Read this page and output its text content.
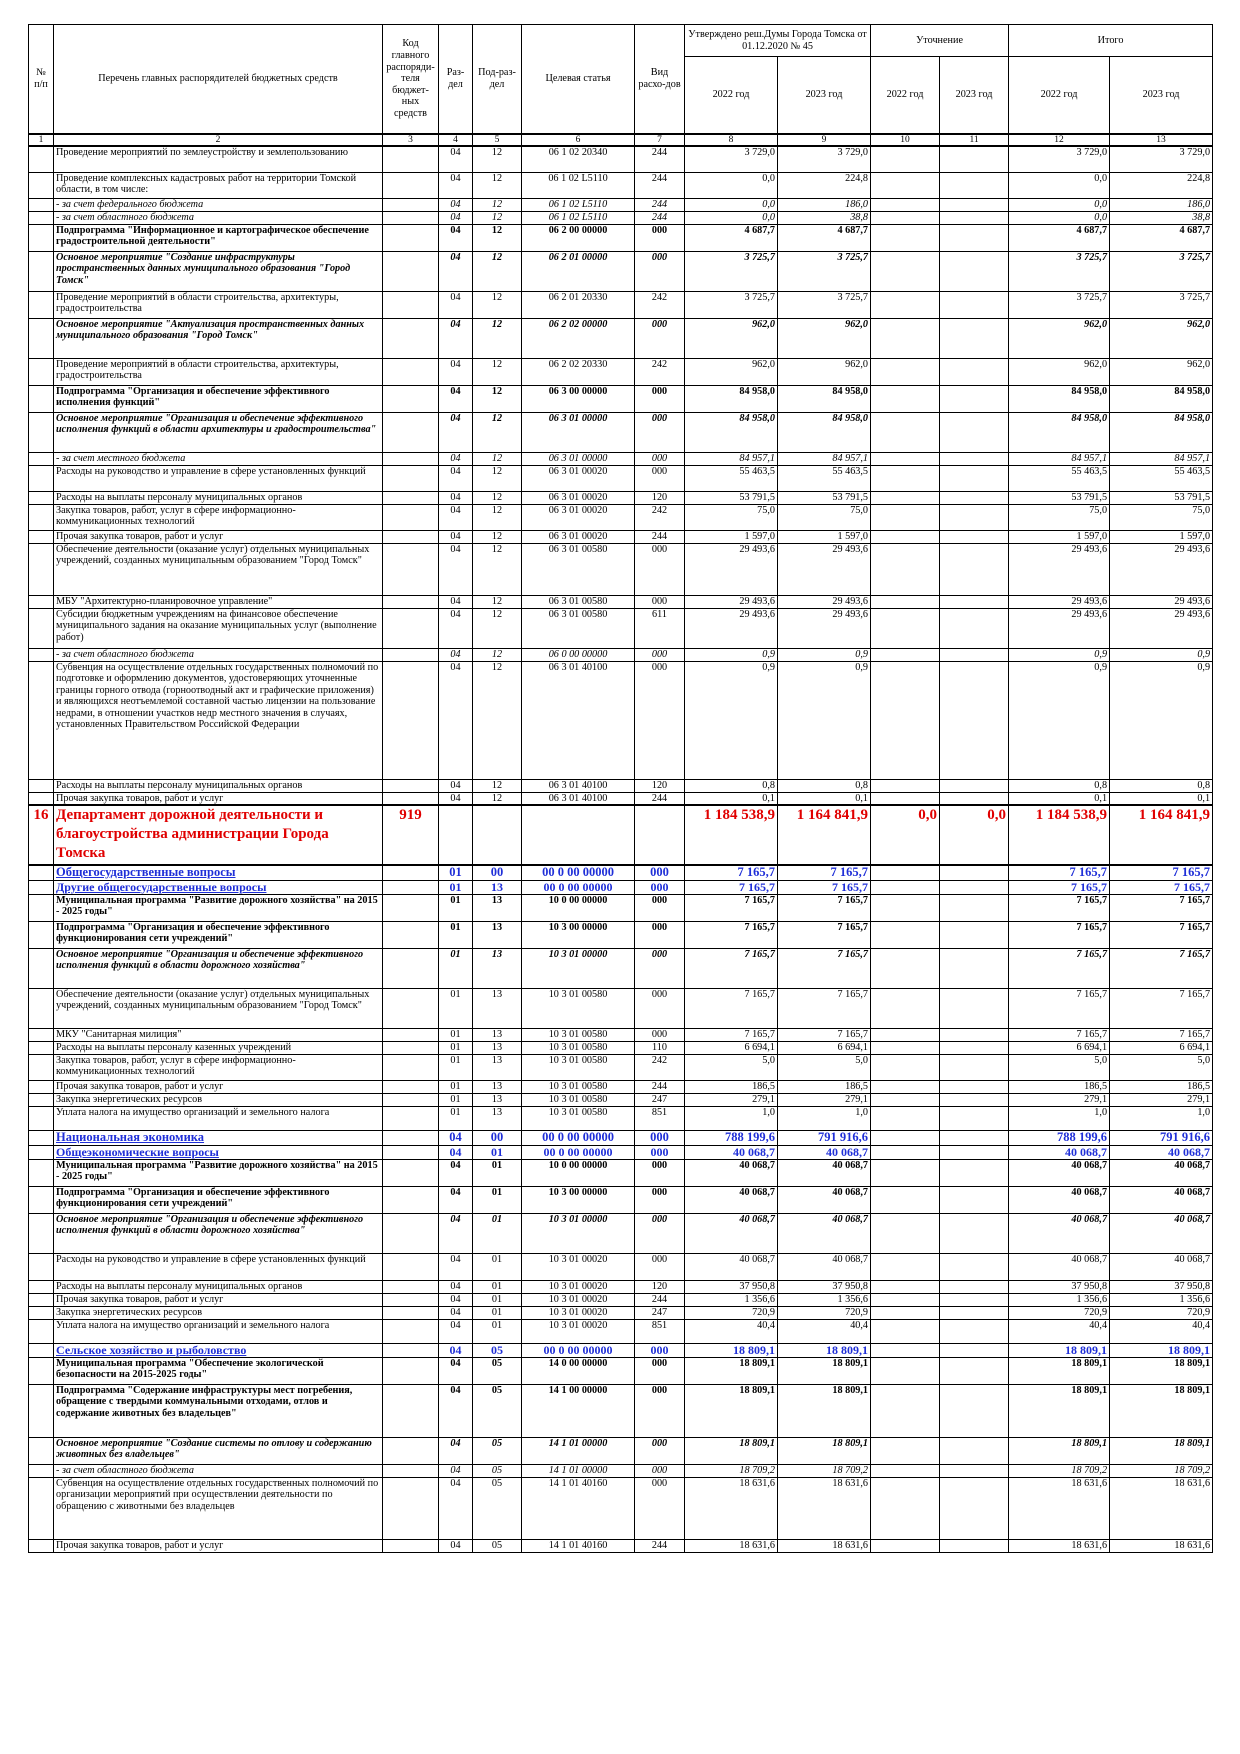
№ п/п	Перечень главных распорядителей бюджетных средств	Код главного распоряди-теля бюджет-ных средств	Раз-дел	Под-раз-дел	Целевая статья	Вид расхо-дов	Утверждено реш.Думы Города Томска от 01.12.2020 № 45		Уточнение		Итого	
							2022 год	2023 год	2022 год	2023 год	2022 год	2023 год
1	2	3	4	5	6	7	8	9	10	11	12	13
	Проведение мероприятий по землеустройству и землепользованию		04	12	06 1 02 20340	244	3 729,0	3 729,0			3 729,0	3 729,0
	Проведение комплексных кадастровых работ на территории Томской области, в том числе:		04	12	06 1 02 L5110	244	0,0	224,8			0,0	224,8
	- за счет федерального бюджета		04	12	06 1 02 L5110	244	0,0	186,0			0,0	186,0
	- за счет областного бюджета		04	12	06 1 02 L5110	244	0,0	38,8			0,0	38,8
	Подпрограмма "Информационное и картографическое обеспечение градостроительной деятельности"		04	12	06 2 00 00000	000	4 687,7	4 687,7			4 687,7	4 687,7
	Основное мероприятие "Создание инфраструктуры пространственных данных муниципального образования "Город Томск"		04	12	06 2 01 00000	000	3 725,7	3 725,7			3 725,7	3 725,7
	Проведение мероприятий в области строительства, архитектуры, градостроительства		04	12	06 2 01 20330	242	3 725,7	3 725,7			3 725,7	3 725,7
	Основное мероприятие "Актуализация пространственных данных муниципального образования "Город Томск"		04	12	06 2 02 00000	000	962,0	962,0			962,0	962,0
	Проведение мероприятий в области строительства, архитектуры, градостроительства		04	12	06 2 02 20330	242	962,0	962,0			962,0	962,0
	Подпрограмма "Организация и обеспечение эффективного исполнения функций"		04	12	06 3 00 00000	000	84 958,0	84 958,0			84 958,0	84 958,0
	Основное мероприятие "Организация и обеспечение эффективного исполнения функций в области архитектуры и градостроительства"		04	12	06 3 01 00000	000	84 958,0	84 958,0			84 958,0	84 958,0
	- за счет местного бюджета		04	12	06 3 01 00000	000	84 957,1	84 957,1			84 957,1	84 957,1
	Расходы на руководство и управление в сфере установленных функций		04	12	06 3 01 00020	000	55 463,5	55 463,5			55 463,5	55 463,5
	Расходы на выплаты персоналу муниципальных органов		04	12	06 3 01 00020	120	53 791,5	53 791,5			53 791,5	53 791,5
	Закупка товаров, работ, услуг в сфере информационно-коммуникационных технологий		04	12	06 3 01 00020	242	75,0	75,0			75,0	75,0
	Прочая закупка товаров, работ и услуг		04	12	06 3 01 00020	244	1 597,0	1 597,0			1 597,0	1 597,0
	Обеспечение деятельности (оказание услуг) отдельных муниципальных учреждений, созданных муниципальным образованием "Город Томск"		04	12	06 3 01 00580	000	29 493,6	29 493,6			29 493,6	29 493,6
	МБУ "Архитектурно-планировочное управление"		04	12	06 3 01 00580	000	29 493,6	29 493,6			29 493,6	29 493,6
	Субсидии бюджетным учреждениям на финансовое обеспечение муниципального задания на оказание муниципальных услуг (выполнение работ)		04	12	06 3 01 00580	611	29 493,6	29 493,6			29 493,6	29 493,6
	- за счет областного бюджета		04	12	06 0 00 00000	000	0,9	0,9			0,9	0,9
	Субвенция на осуществление отдельных государственных полномочий по подготовке и оформлению документов, удостоверяющих уточненные границы горного отвода (горноотводный акт и графические приложения) и являющихся неотъемлемой составной частью лицензии на пользование недрами, в отношении участков недр местного значения в случаях, установленных Правительством Российской Федерации		04	12	06 3 01 40100	000	0,9	0,9			0,9	0,9
	Расходы на выплаты персоналу муниципальных органов		04	12	06 3 01 40100	120	0,8	0,8			0,8	0,8
	Прочая закупка товаров, работ и услуг		04	12	06 3 01 40100	244	0,1	0,1			0,1	0,1
16	Департамент дорожной деятельности и благоустройства администрации Города Томска	919					1 184 538,9	1 164 841,9	0,0	0,0	1 184 538,9	1 164 841,9
	Общегосударственные вопросы		01	00	00 0 00 00000	000	7 165,7	7 165,7			7 165,7	7 165,7
	Другие общегосударственные вопросы		01	13	00 0 00 00000	000	7 165,7	7 165,7			7 165,7	7 165,7
	Муниципальная программа "Развитие дорожного хозяйства" на 2015 - 2025 годы"		01	13	10 0 00 00000	000	7 165,7	7 165,7			7 165,7	7 165,7
	Подпрограмма "Организация и обеспечение эффективного функционирования сети учреждений"		01	13	10 3 00 00000	000	7 165,7	7 165,7			7 165,7	7 165,7
	Основное мероприятие "Организация и обеспечение эффективного исполнения функций в области дорожного хозяйства"		01	13	10 3 01 00000	000	7 165,7	7 165,7			7 165,7	7 165,7
	Обеспечение деятельности (оказание услуг) отдельных муниципальных учреждений, созданных муниципальным образованием "Город Томск"		01	13	10 3 01 00580	000	7 165,7	7 165,7			7 165,7	7 165,7
	МКУ "Санитарная милиция"		01	13	10 3 01 00580	000	7 165,7	7 165,7			7 165,7	7 165,7
	Расходы на выплаты персоналу казенных учреждений		01	13	10 3 01 00580	110	6 694,1	6 694,1			6 694,1	6 694,1
	Закупка товаров, работ, услуг в сфере информационно-коммуникационных технологий		01	13	10 3 01 00580	242	5,0	5,0			5,0	5,0
	Прочая закупка товаров, работ и услуг		01	13	10 3 01 00580	244	186,5	186,5			186,5	186,5
	Закупка энергетических ресурсов		01	13	10 3 01 00580	247	279,1	279,1			279,1	279,1
	Уплата налога на имущество организаций и земельного налога		01	13	10 3 01 00580	851	1,0	1,0			1,0	1,0
	Национальная экономика		04	00	00 0 00 00000	000	788 199,6	791 916,6			788 199,6	791 916,6
	Общеэкономические вопросы		04	01	00 0 00 00000	000	40 068,7	40 068,7			40 068,7	40 068,7
	Муниципальная программа "Развитие дорожного хозяйства" на 2015 - 2025 годы"		04	01	10 0 00 00000	000	40 068,7	40 068,7			40 068,7	40 068,7
	Подпрограмма "Организация и обеспечение эффективного функционирования сети учреждений"		04	01	10 3 00 00000	000	40 068,7	40 068,7			40 068,7	40 068,7
	Основное мероприятие "Организация и обеспечение эффективного исполнения функций в области дорожного хозяйства"		04	01	10 3 01 00000	000	40 068,7	40 068,7			40 068,7	40 068,7
	Расходы на руководство и управление в сфере установленных функций		04	01	10 3 01 00020	000	40 068,7	40 068,7			40 068,7	40 068,7
	Расходы на выплаты персоналу муниципальных органов		04	01	10 3 01 00020	120	37 950,8	37 950,8			37 950,8	37 950,8
	Прочая закупка товаров, работ и услуг		04	01	10 3 01 00020	244	1 356,6	1 356,6			1 356,6	1 356,6
	Закупка энергетических ресурсов		04	01	10 3 01 00020	247	720,9	720,9			720,9	720,9
	Уплата налога на имущество организаций и земельного налога		04	01	10 3 01 00020	851	40,4	40,4			40,4	40,4
	Сельское хозяйство и рыболовство		04	05	00 0 00 00000	000	18 809,1	18 809,1			18 809,1	18 809,1
	Муниципальная программа "Обеспечение экологической безопасности на 2015-2025 годы"		04	05	14 0 00 00000	000	18 809,1	18 809,1			18 809,1	18 809,1
	Подпрограмма "Содержание инфраструктуры мест погребения, обращение с твердыми коммунальными отходами, отлов и содержание животных без владельцев"		04	05	14 1 00 00000	000	18 809,1	18 809,1			18 809,1	18 809,1
	Основное мероприятие "Создание системы по отлову и содержанию животных без владельцев"		04	05	14 1 01 00000	000	18 809,1	18 809,1			18 809,1	18 809,1
	- за счет областного бюджета		04	05	14 1 01 00000	000	18 709,2	18 709,2			18 709,2	18 709,2
	Субвенция на осуществление отдельных государственных полномочий по организации мероприятий при осуществлении деятельности по обращению с животными без владельцев		04	05	14 1 01 40160	000	18 631,6	18 631,6			18 631,6	18 631,6
	Прочая закупка товаров, работ и услуг		04	05	14 1 01 40160	244	18 631,6	18 631,6			18 631,6	18 631,6
